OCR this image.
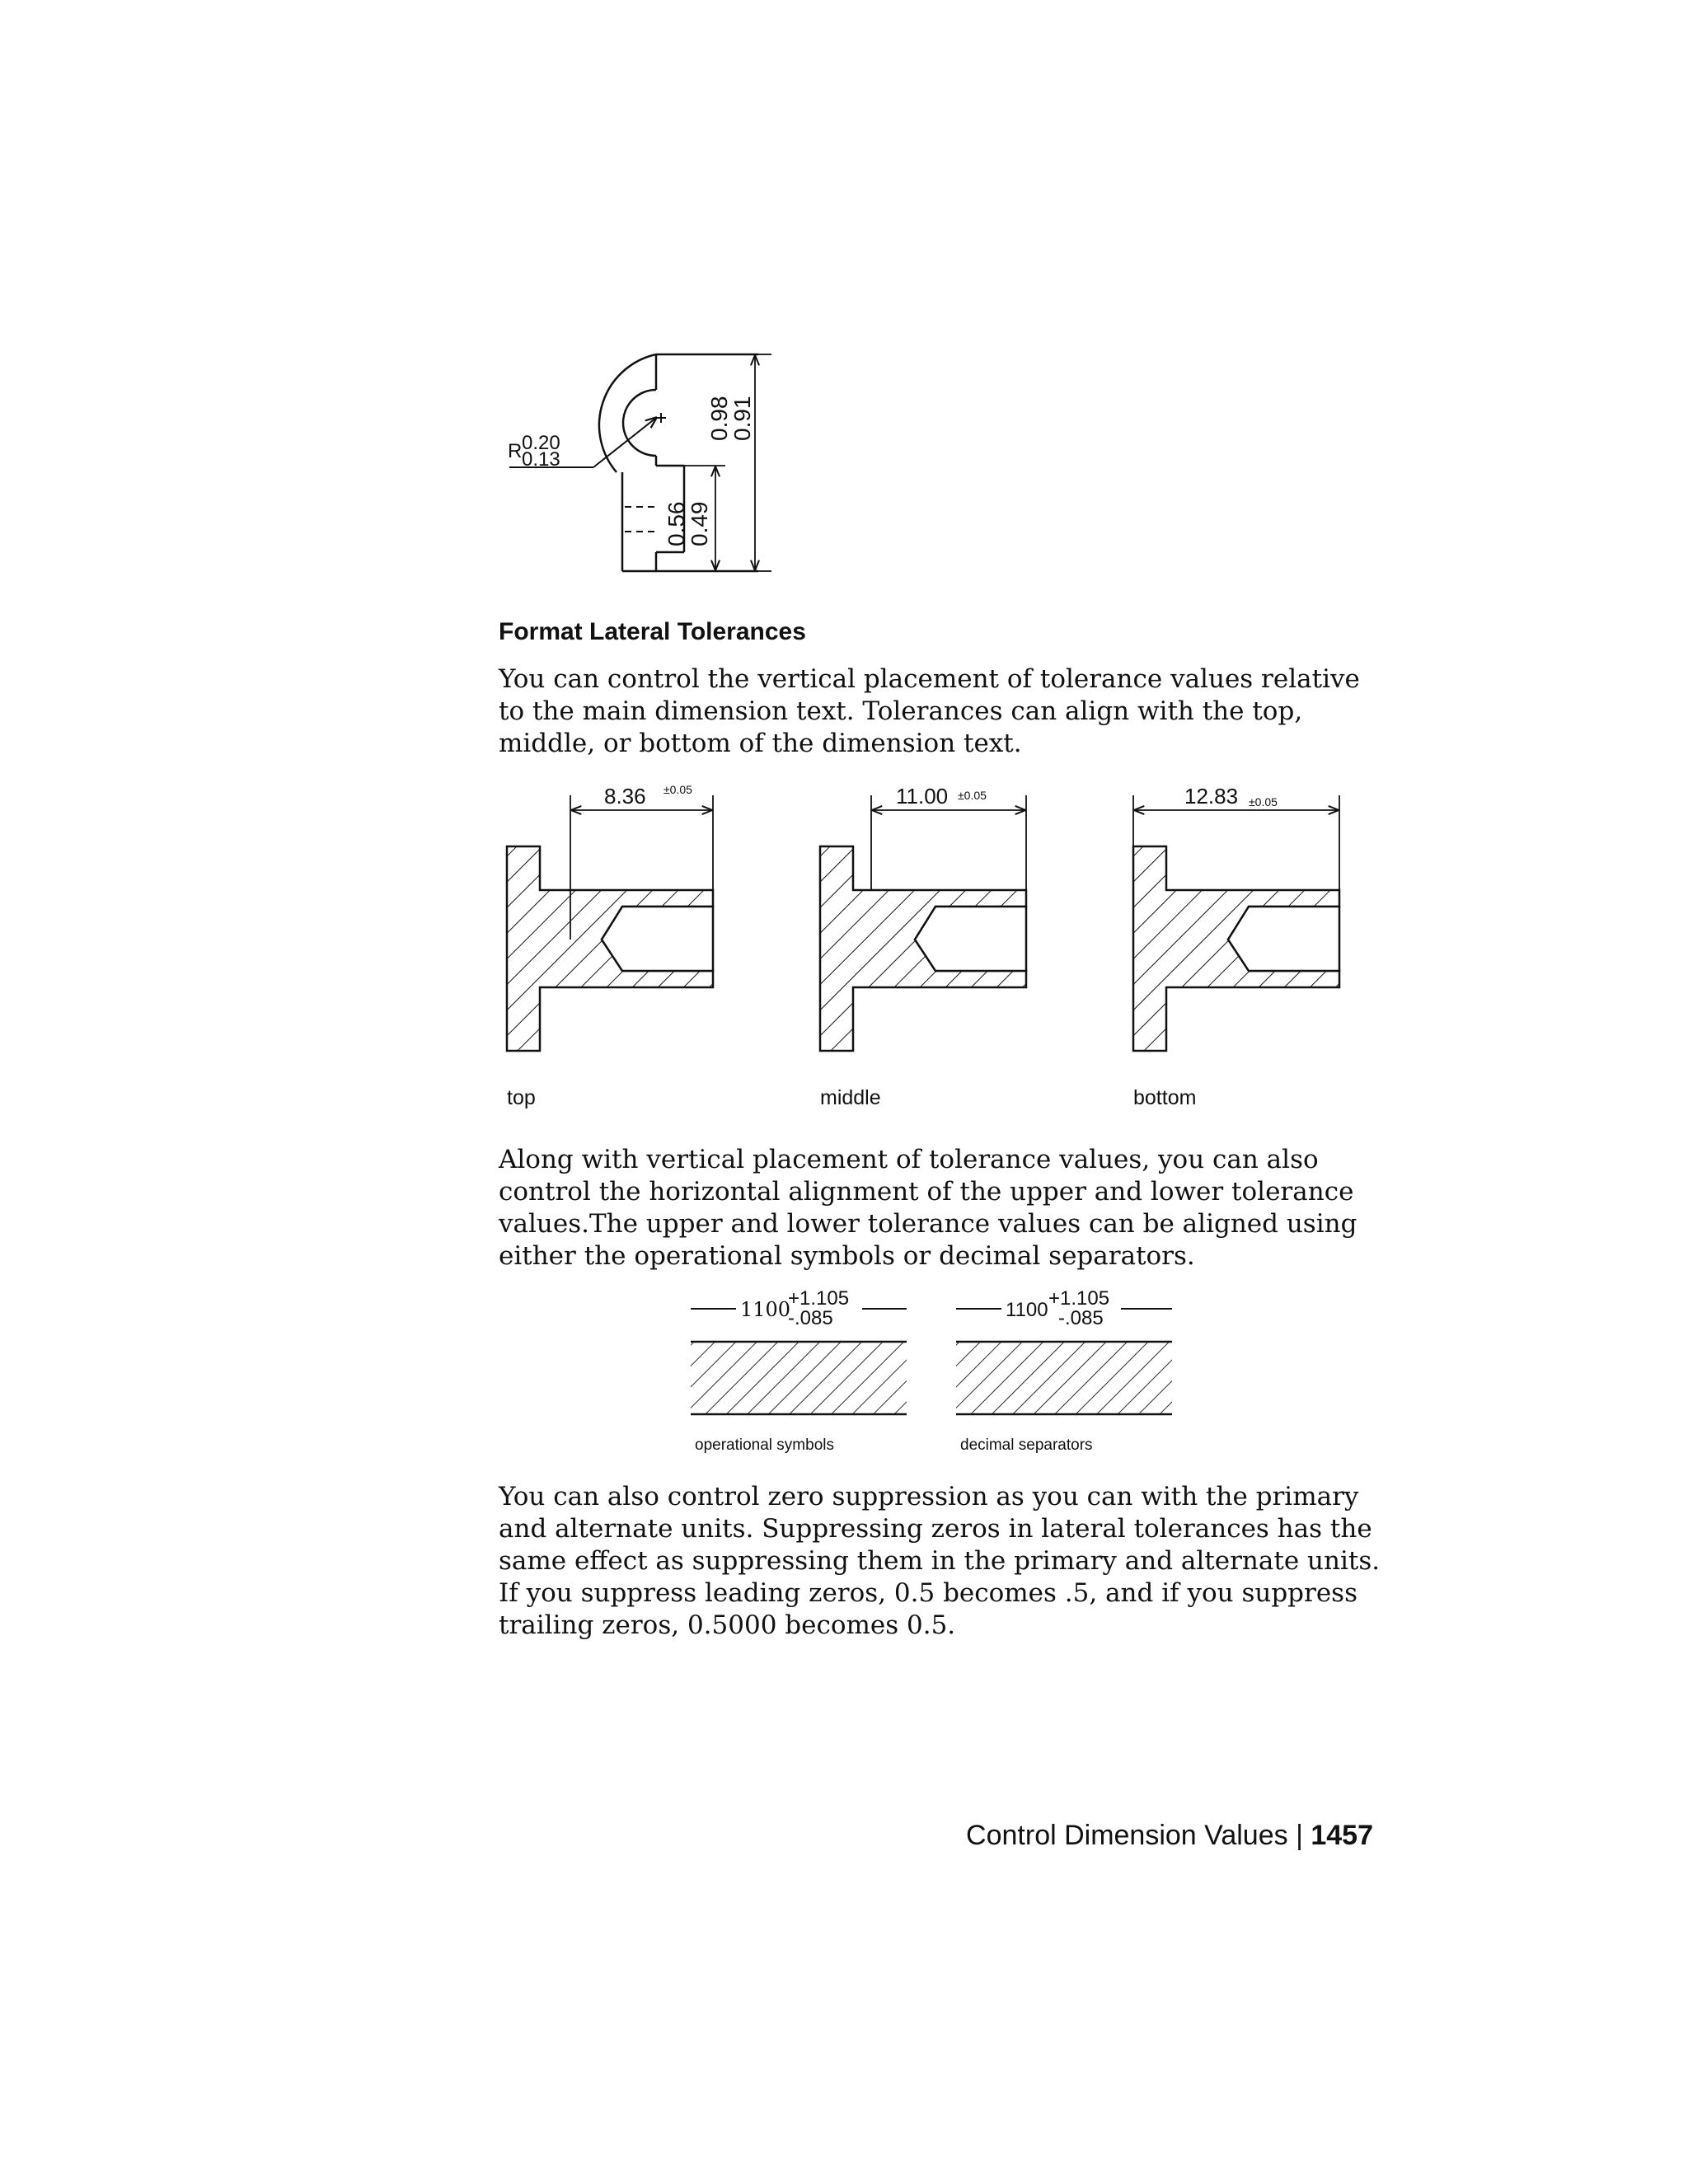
R 0.20
0.13
0.98
0.91
0.56
0.49
Format Lateral Tolerances

You can control the vertical placement of tolerance values relative to the main dimension text. Tolerances can align with the top, middle, or bottom of the dimension text.

8.36 ±0.05	11.00 ±0.05	12.83 ±0.05
top	middle	bottom

Along with vertical placement of tolerance values, you can also control the horizontal alignment of the upper and lower tolerance values.The upper and lower tolerance values can be aligned using either the operational symbols or decimal separators.

1100
+1.105
-.085
operational symbols
1100
+1.105
-.085
decimal separators

You can also control zero suppression as you can with the primary and alternate units. Suppressing zeros in lateral tolerances has the same effect as suppressing them in the primary and alternate units. If you suppress leading zeros, 0.5 becomes .5, and if you suppress trailing zeros, 0.5000 becomes 0.5.

Control Dimension Values | 1457
